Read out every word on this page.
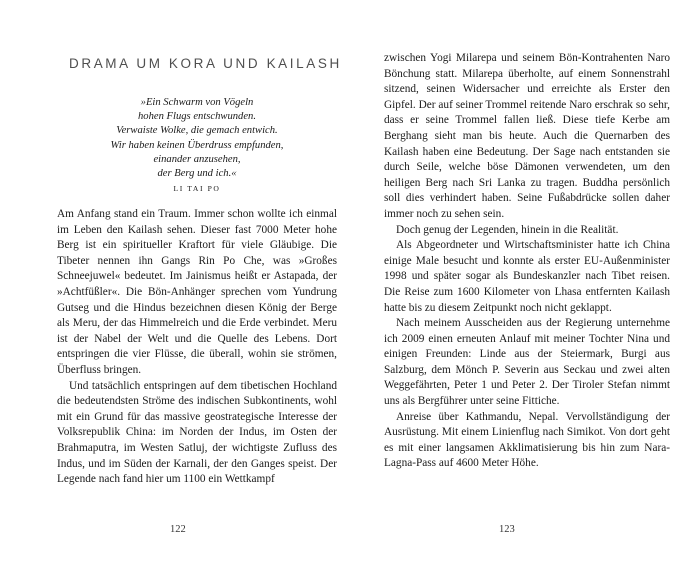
DRAMA UM KORA UND KAILASH
»Ein Schwarm von Vögeln
hohen Flugs entschwunden.
Verwaiste Wolke, die gemach entwich.
Wir haben keinen Überdruss empfunden,
einander anzusehen,
der Berg und ich.«
LI TAI PO

Am Anfang stand ein Traum. Immer schon wollte ich einmal im Leben den Kailash sehen. Dieser fast 7000 Meter hohe Berg ist ein spiritueller Kraftort für viele Gläubige. Die Tibeter nennen ihn Gangs Rin Po Che, was »Großes Schneejuwel« bedeutet. Im Jainismus heißt er Astapada, der »Achtfüßler«. Die Bön-Anhänger sprechen vom Yundrung Gutseg und die Hindus bezeichnen diesen König der Berge als Meru, der das Himmelreich und die Erde verbindet. Meru ist der Nabel der Welt und die Quelle des Lebens. Dort entspringen die vier Flüsse, die überall, wohin sie strömen, Überfluss bringen.

Und tatsächlich entspringen auf dem tibetischen Hochland die bedeutendsten Ströme des indischen Subkontinents, wohl mit ein Grund für das massive geostrategische Interesse der Volksrepublik China: im Norden der Indus, im Osten der Brahmaputra, im Westen Satluj, der wichtigste Zufluss des Indus, und im Süden der Karnali, der den Ganges speist. Der Legende nach fand hier um 1100 ein Wettkampf

122

zwischen Yogi Milarepa und seinem Bön-Kontrahenten Naro Bönchung statt. Milarepa überholte, auf einem Sonnenstrahl sitzend, seinen Widersacher und erreichte als Erster den Gipfel. Der auf seiner Trommel reitende Naro erschrak so sehr, dass er seine Trommel fallen ließ. Diese tiefe Kerbe am Berghang sieht man bis heute. Auch die Quernarben des Kailash haben eine Bedeutung. Der Sage nach entstanden sie durch Seile, welche böse Dämonen verwendeten, um den heiligen Berg nach Sri Lanka zu tragen. Buddha persönlich soll dies verhindert haben. Seine Fußabdrücke sollen daher immer noch zu sehen sein.

Doch genug der Legenden, hinein in die Realität.

Als Abgeordneter und Wirtschaftsminister hatte ich China einige Male besucht und konnte als erster EU-Außenminister 1998 und später sogar als Bundeskanzler nach Tibet reisen. Die Reise zum 1600 Kilometer von Lhasa entfernten Kailash hatte bis zu diesem Zeitpunkt noch nicht geklappt.

Nach meinem Ausscheiden aus der Regierung unternehme ich 2009 einen erneuten Anlauf mit meiner Tochter Nina und einigen Freunden: Linde aus der Steiermark, Burgi aus Salzburg, dem Mönch P. Severin aus Seckau und zwei alten Weggefährten, Peter 1 und Peter 2. Der Tiroler Stefan nimmt uns als Bergführer unter seine Fittiche.

Anreise über Kathmandu, Nepal. Vervollständigung der Ausrüstung. Mit einem Linienflug nach Simikot. Von dort geht es mit einer langsamen Akklimatisierung bis hin zum Nara-Lagna-Pass auf 4600 Meter Höhe.

123
